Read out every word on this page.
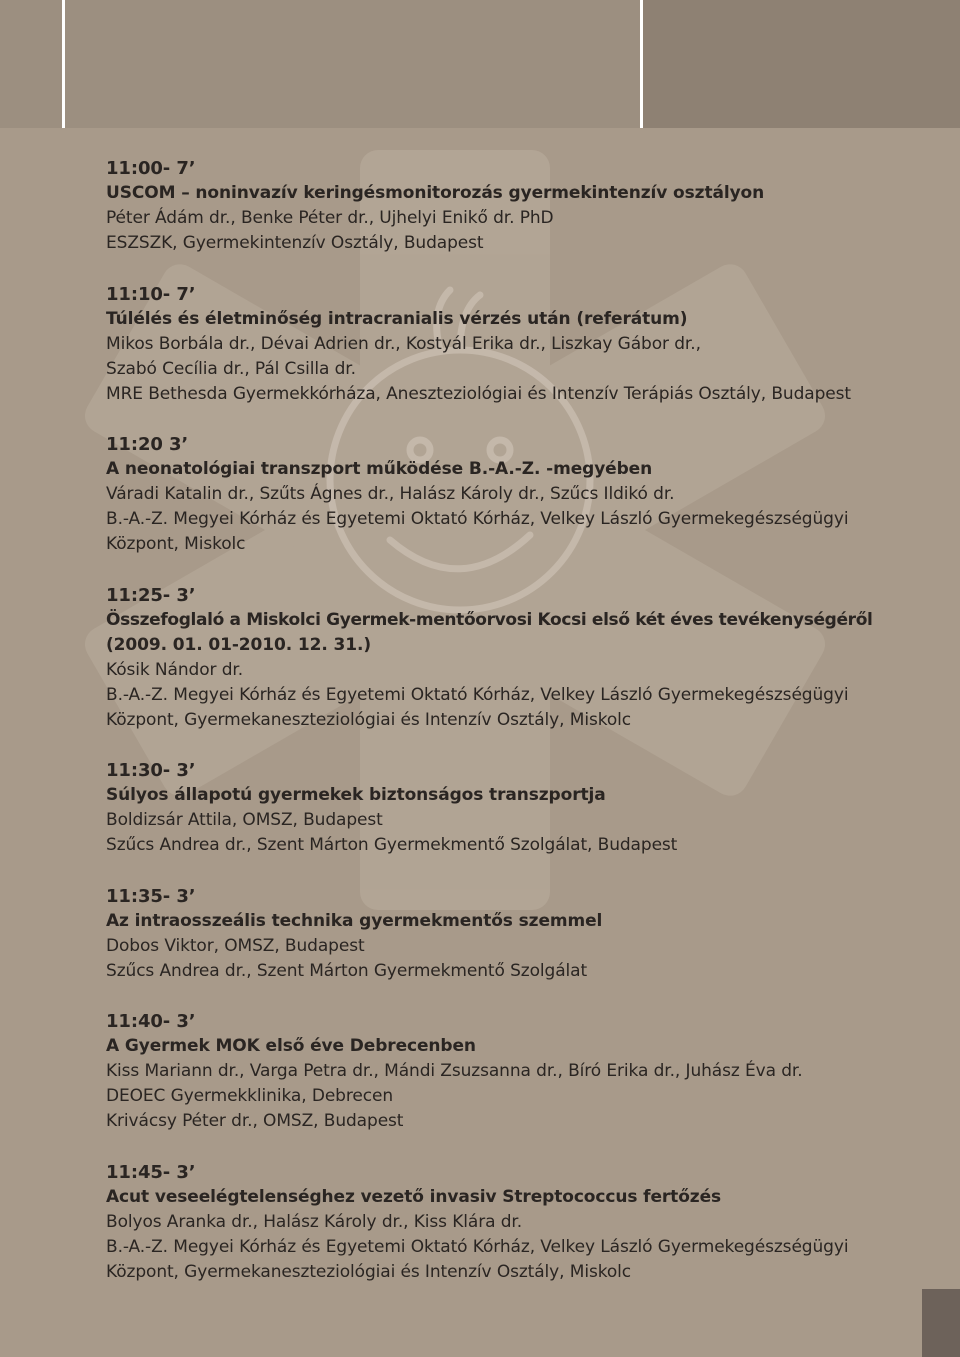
11:00- 7’
USCOM – noninvazív keringésmonitorozás gyermekintenzív osztályon
Péter Ádám dr., Benke Péter dr., Ujhelyi Enikő dr. PhD
ESZSZK, Gyermekintenzív Osztály, Budapest
11:10- 7’
Túlélés és életminőség intracranialis vérzés után (referátum)
Mikos Borbála dr., Dévai Adrien dr., Kostyál Erika dr., Liszkay Gábor dr.,
Szabó Cecília dr., Pál Csilla dr.
MRE Bethesda Gyermekkórháza, Aneszteziológiai és Intenzív Terápiás Osztály, Budapest
11:20 3’
A neonatológiai transzport működése B.-A.-Z. -megyében
Váradi Katalin dr., Szűts Ágnes dr., Halász Károly dr., Szűcs Ildikó dr.
B.-A.-Z. Megyei Kórház és Egyetemi Oktató Kórház, Velkey László Gyermekegészségügyi
Központ, Miskolc
11:25- 3’
Összefoglaló a Miskolci Gyermek-mentőorvosi Kocsi első két éves tevékenységéről
(2009. 01. 01-2010. 12. 31.)
Kósik Nándor dr.
B.-A.-Z. Megyei Kórház és Egyetemi Oktató Kórház, Velkey László Gyermekegészségügyi
Központ, Gyermekaneszteziológiai és Intenzív Osztály, Miskolc
11:30- 3’
Súlyos állapotú gyermekek biztonságos transzportja
Boldizsár Attila, OMSZ, Budapest
Szűcs Andrea dr., Szent Márton Gyermekmentő Szolgálat, Budapest
11:35- 3’
Az intraosszeális technika gyermekmentős szemmel
Dobos Viktor, OMSZ, Budapest
Szűcs Andrea dr., Szent Márton Gyermekmentő Szolgálat
11:40- 3’
A Gyermek MOK első éve Debrecenben
Kiss Mariann dr., Varga Petra dr., Mándi Zsuzsanna dr., Bíró Erika dr., Juhász Éva dr.
DEOEC Gyermekklinika, Debrecen
Krivácsy Péter dr., OMSZ, Budapest
11:45- 3’
Acut veseelégtelenséghez vezető invasiv Streptococcus fertőzés
Bolyos Aranka dr., Halász Károly dr., Kiss Klára dr.
B.-A.-Z. Megyei Kórház és Egyetemi Oktató Kórház, Velkey László Gyermekegészségügyi
Központ, Gyermekaneszteziológiai és Intenzív Osztály, Miskolc
